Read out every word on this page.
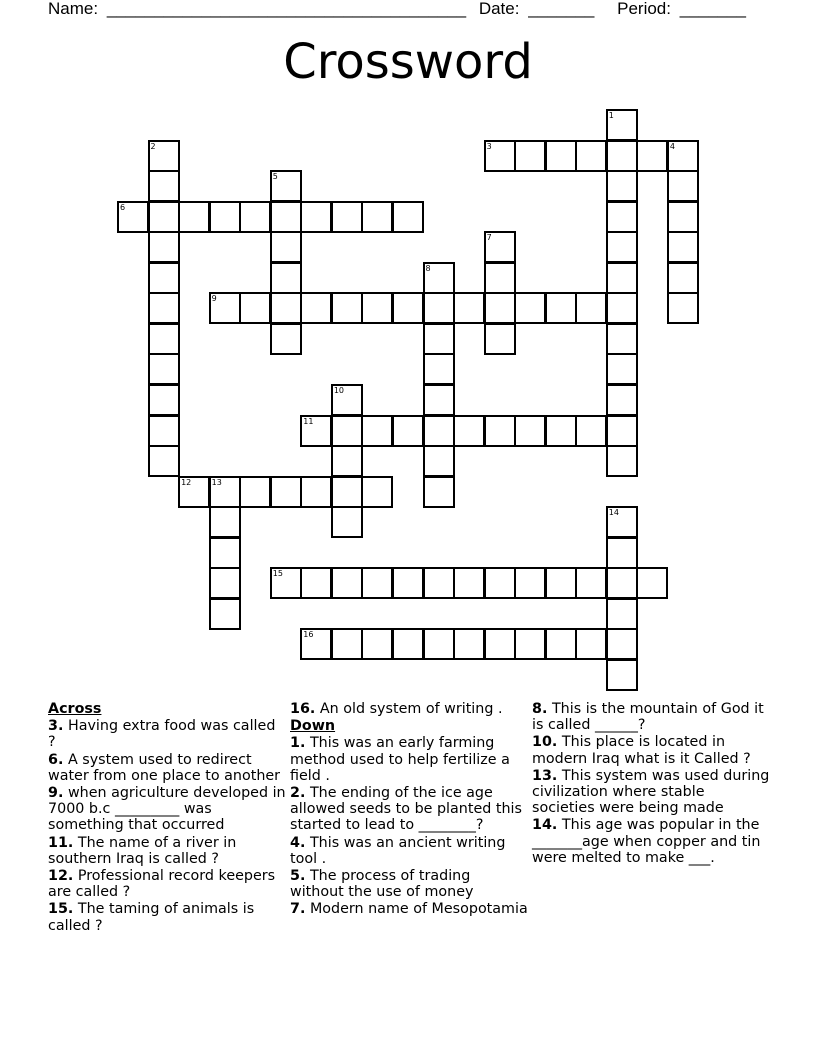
Name: ______________________________________ Date: _______ Period: _______
Crossword
1
2	3	4
5
6
7
8
9
10
11
12	13
14
15
16
Across
3. Having extra food was called ?
6. A system used to redirect water from one place to another
9. when agriculture developed in 7000 b.c _________ was something that occurred
11. The name of a river in southern Iraq is called ?
12. Professional record keepers are called ?
15. The taming of animals is called ?
16. An old system of writing .
Down
1. This was an early farming method used to help fertilize a field .
2. The ending of the ice age allowed seeds to be planted this started to lead to ________?
4. This was an ancient writing tool .
5. The process of trading without the use of money
7. Modern name of Mesopotamia
8. This is the mountain of God it is called ______?
10. This place is located in modern Iraq what is it Called ?
13. This system was used during civilization where stable societies were being made
14. This age was popular in the _______age when copper and tin were melted to make ___.
